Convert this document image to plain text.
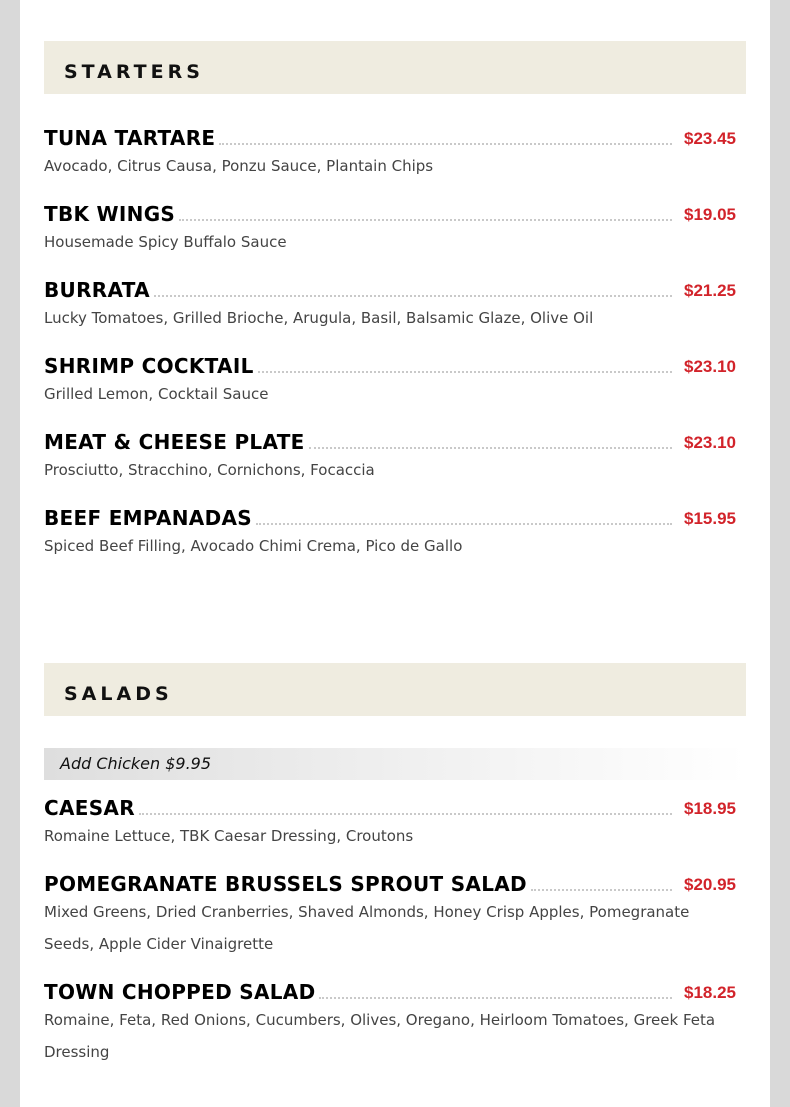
STARTERS
TUNA TARTARE	$23.45
Avocado, Citrus Causa, Ponzu Sauce, Plantain Chips
TBK WINGS	$19.05
Housemade Spicy Buffalo Sauce
BURRATA	$21.25
Lucky Tomatoes, Grilled Brioche, Arugula, Basil, Balsamic Glaze, Olive Oil
SHRIMP COCKTAIL	$23.10
Grilled Lemon, Cocktail Sauce
MEAT & CHEESE PLATE	$23.10
Prosciutto, Stracchino, Cornichons, Focaccia
BEEF EMPANADAS	$15.95
Spiced Beef Filling, Avocado Chimi Crema, Pico de Gallo
SALADS
Add Chicken $9.95
CAESAR	$18.95
Romaine Lettuce, TBK Caesar Dressing, Croutons
POMEGRANATE BRUSSELS SPROUT SALAD	$20.95
Mixed Greens, Dried Cranberries, Shaved Almonds, Honey Crisp Apples, Pomegranate Seeds, Apple Cider Vinaigrette
TOWN CHOPPED SALAD	$18.25
Romaine, Feta, Red Onions, Cucumbers, Olives, Oregano, Heirloom Tomatoes, Greek Feta Dressing
